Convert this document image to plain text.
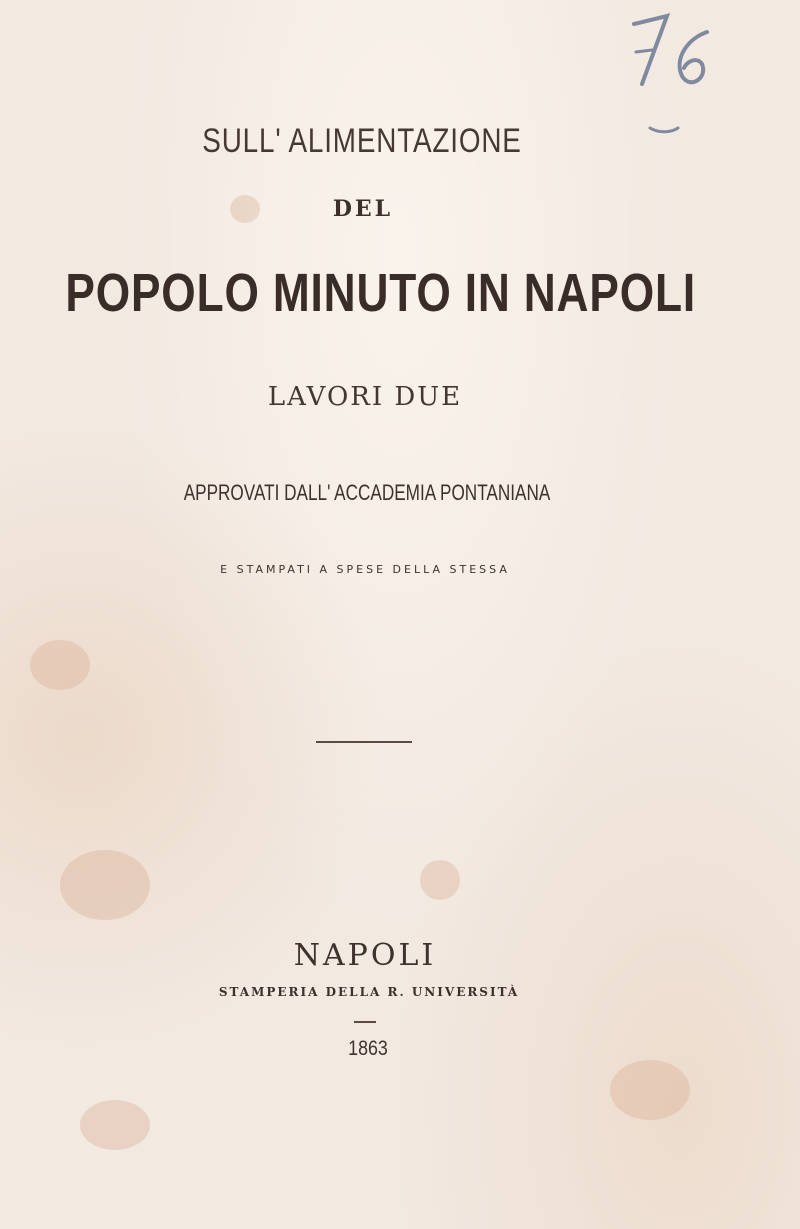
SULL' ALIMENTAZIONE
DEL
POPOLO MINUTO IN NAPOLI
LAVORI DUE
APPROVATI DALL' ACCADEMIA PONTANIANA
E STAMPATI A SPESE DELLA STESSA
NAPOLI
STAMPERIA DELLA R. UNIVERSITÀ
1863
